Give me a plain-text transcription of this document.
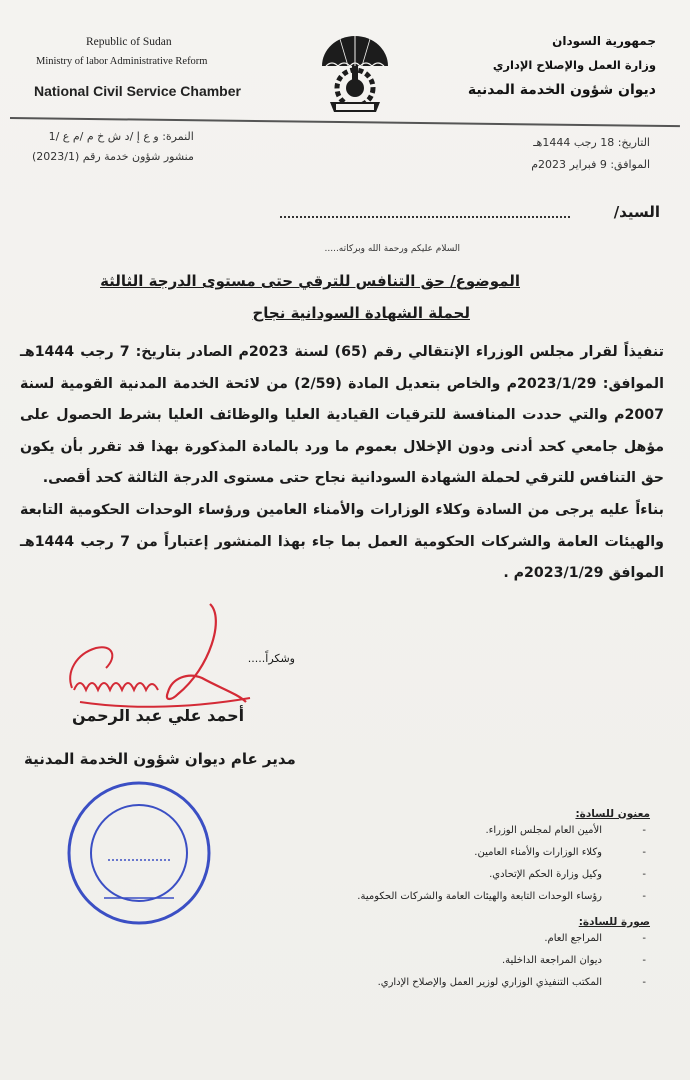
Republic of Sudan
Ministry of labor Administrative Reform
National Civil Service Chamber
جمهورية السودان
وزارة العمل والإصلاح الإداري
ديوان شؤون الخدمة المدنية
النمرة: و ع إ /د ش خ م /م ع /1
منشور شؤون خدمة رقم (2023/1)
التاريخ: 18 رجب 1444هـ
الموافق: 9 فبراير 2023م
السيد/
السلام عليكم ورحمة الله وبركاته.....
الموضوع/ حق التنافس للترقي حتى مستوى الدرجة الثالثة
لحملة الشهادة السودانية نجاح

تنفيذاً لقرار مجلس الوزراء الإنتقالي رقم (65) لسنة 2023م الصادر بتاريخ: 7 رجب 1444هـ الموافق: 2023/1/29م والخاص بتعديل المادة (2/59) من لائحة الخدمة المدنية القومية لسنة 2007م والتي حددت المنافسة للترقيات القيادية العليا والوظائف العليا بشرط الحصول على مؤهل جامعي كحد أدنى ودون الإخلال بعموم ما ورد بالمادة المذكورة بهذا قد تقرر بأن يكون حق التنافس للترقي لحملة الشهادة السودانية نجاح حتى مستوى الدرجة الثالثة كحد أقصى.

بناءاً عليه يرجى من السادة وكلاء الوزارات والأمناء العامين ورؤساء الوحدات الحكومية التابعة والهيئات العامة والشركات الحكومية العمل بما جاء بهذا المنشور إعتباراً من 7 رجب 1444هـ الموافق 2023/1/29م .

وشكراً.....
أحمد علي عبد الرحمن
مدير عام ديوان شؤون الخدمة المدنية
معنون للسادة:
الأمين العام لمجلس الوزراء. -
وكلاء الوزارات والأمناء العامين. -
وكيل وزارة الحكم الإتحادي. -
رؤساء الوحدات التابعة والهيئات العامة والشركات الحكومية. -
صورة للسادة:
المراجع العام. -
ديوان المراجعة الداخلية. -
المكتب التنفيذي الوزاري لوزير العمل والإصلاح الإداري. -
